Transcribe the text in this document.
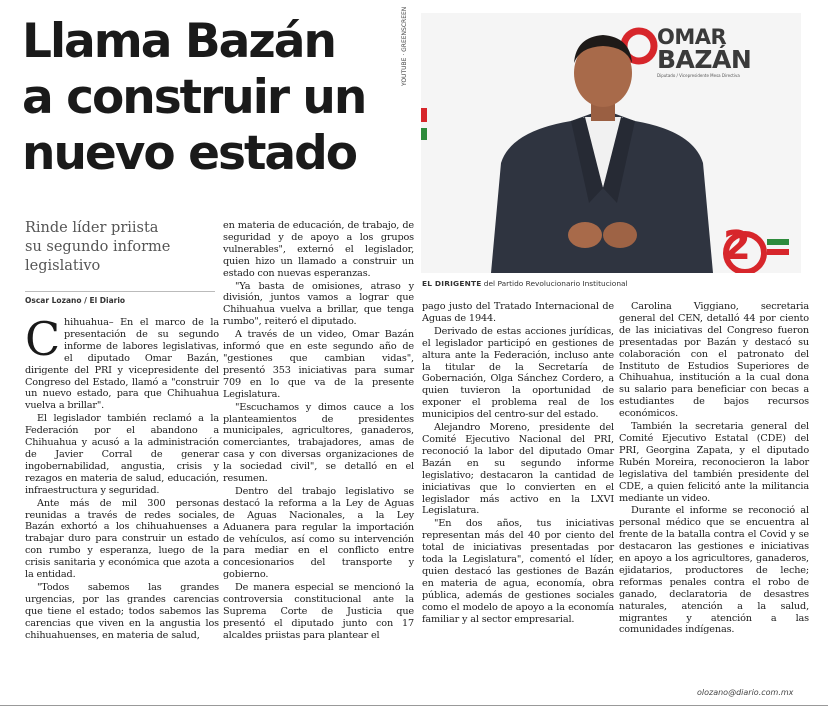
Llama Bazán
a construir un
nuevo estado
YOUTUBE · GREENSCREEN
Rinde líder priista
su segundo informe
legislativo
Oscar Lozano / El Diario

Chihuahua– En el marco de la presentación de su segundo informe de labores legislativas, el diputado Omar Bazán, dirigente del PRI y vicepresidente del Congreso del Estado, llamó a "construir un nuevo estado, para que Chihuahua vuelva a brillar".

El legislador también reclamó a la Federación por el abandono a Chihuahua y acusó a la administración de Javier Corral de generar ingobernabilidad, angustia, crisis y rezagos en materia de salud, educación, infraestructura y seguridad.

Ante más de mil 300 personas reunidas a través de redes sociales, Bazán exhortó a los chihuahuenses a trabajar duro para construir un estado con rumbo y esperanza, luego de la crisis sanitaria y económica que azota a la entidad.

"Todos sabemos las grandes urgencias, por las grandes carencias que tiene el estado; todos sabemos las carencias que viven en la angustia los chihuahuenses, en materia de salud,

en materia de educación, de trabajo, de seguridad y de apoyo a los grupos vulnerables", externó el legislador, quien hizo un llamado a construir un estado con nuevas esperanzas.

"Ya basta de omisiones, atraso y división, juntos vamos a lograr que Chihuahua vuelva a brillar, que tenga rumbo", reiteró el diputado.

A través de un video, Omar Bazán informó que en este segundo año de "gestiones que cambian vidas", presentó 353 iniciativas para sumar 709 en lo que va de la presente Legislatura.

"Escuchamos y dimos cauce a los planteamientos de presidentes municipales, agricultores, ganaderos, comerciantes, trabajadores, amas de casa y con diversas organizaciones de la sociedad civil", se detalló en el resumen.

Dentro del trabajo legislativo se destacó la reforma a la Ley de Aguas de Aguas Nacionales, a la Ley Aduanera para regular la importación de vehículos, así como su intervención para mediar en el conflicto entre concesionarios del transporte y gobierno.

De manera especial se mencionó la controversia constitucional ante la Suprema Corte de Justicia que presentó el diputado junto con 17 alcaldes priistas para plantear el

OMAR
BAZÁN
Diputado / Vicepresidente Mesa Directiva
2
EL DIRIGENTE del Partido Revolucionario Institucional

pago justo del Tratado Internacional de Aguas de 1944.

Derivado de estas acciones jurídicas, el legislador participó en gestiones de altura ante la Federación, incluso ante la titular de la Secretaría de Gobernación, Olga Sánchez Cordero, a quien tuvieron la oportunidad de exponer el problema real de los municipios del centro-sur del estado.

Alejandro Moreno, presidente del Comité Ejecutivo Nacional del PRI, reconoció la labor del diputado Omar Bazán en su segundo informe legislativo; destacaron la cantidad de iniciativas que lo convierten en el legislador más activo en la LXVI Legislatura.

"En dos años, tus iniciativas representan más del 40 por ciento del total de iniciativas presentadas por toda la Legislatura", comentó el líder, quien destacó las gestiones de Bazán en materia de agua, economía, obra pública, además de gestiones sociales como el modelo de apoyo a la economía familiar y al sector empresarial.

Carolina Viggiano, secretaria general del CEN, detalló 44 por ciento de las iniciativas del Congreso fueron presentadas por Bazán y destacó su colaboración con el patronato del Instituto de Estudios Superiores de Chihuahua, institución a la cual dona su salario para beneficiar con becas a estudiantes de bajos recursos económicos.

También la secretaria general del Comité Ejecutivo Estatal (CDE) del PRI, Georgina Zapata, y el diputado Rubén Moreira, reconocieron la labor legislativa del también presidente del CDE, a quien felicitó ante la militancia mediante un video.

Durante el informe se reconoció al personal médico que se encuentra al frente de la batalla contra el Covid y se destacaron las gestiones e iniciativas en apoyo a los agricultores, ganaderos, ejidatarios, productores de leche; reformas penales contra el robo de ganado, declaratoria de desastres naturales, atención a la salud, migrantes y atención a las comunidades indígenas.

olozano@diario.com.mx
